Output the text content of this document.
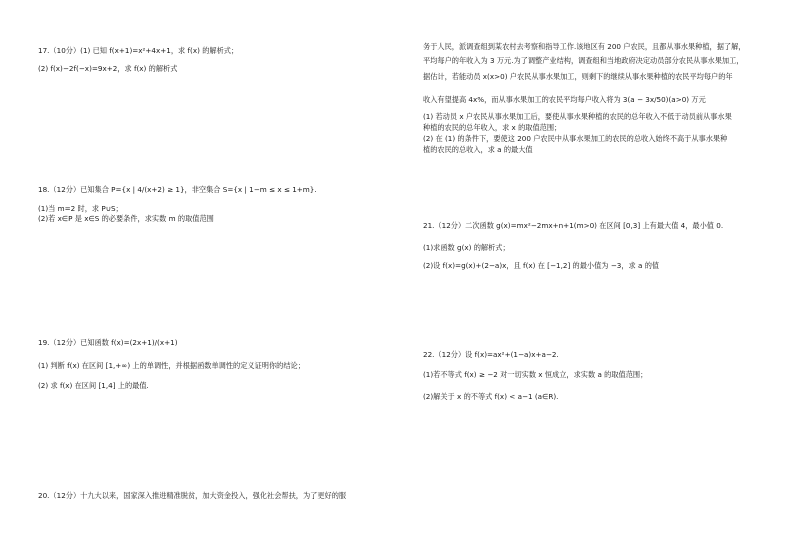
17.（10分）(1) 已知 f(x+1)=x²+4x+1，求 f(x) 的解析式；
(2) f(x)−2f(−x)=9x+2，求 f(x) 的解析式
18.（12分）已知集合 P={x | 4/(x+2) ≥ 1}，非空集合 S={x | 1−m ≤ x ≤ 1+m}.
(1)当 m=2 时，求 P∪S；
(2)若 x∈P 是 x∈S 的必要条件，求实数 m 的取值范围
19.（12分）已知函数 f(x)=(2x+1)/(x+1)
(1) 判断 f(x) 在区间 [1,+∞) 上的单调性，并根据函数单调性的定义证明你的结论；
(2) 求 f(x) 在区间 [1,4] 上的最值.
20.（12分）十九大以来，国家深入推进精准脱贫，加大资金投入，强化社会帮扶，为了更好的服
务于人民，派调查组到某农村去考察和指导工作.该地区有 200 户农民，且都从事水果种植，据了解，
平均每户的年收入为 3 万元.为了调整产业结构，调查组和当地政府决定动员部分农民从事水果加工，
据估计，若能动员 x(x>0) 户农民从事水果加工，则剩下的继续从事水果种植的农民平均每户的年
收入有望提高 4x%，而从事水果加工的农民平均每户收入将为 3(a − 3x/50)(a>0) 万元
(1) 若动员 x 户农民从事水果加工后，要使从事水果种植的农民的总年收入不低于动员前从事水果
种植的农民的总年收入，求 x 的取值范围；
(2) 在 (1) 的条件下，要使这 200 户农民中从事水果加工的农民的总收入始终不高于从事水果种
植的农民的总收入，求 a 的最大值
21.（12分）二次函数 g(x)=mx²−2mx+n+1(m>0) 在区间 [0,3] 上有最大值 4，最小值 0.
(1)求函数 g(x) 的解析式；
(2)设 f(x)=g(x)+(2−a)x，且 f(x) 在 [−1,2] 的最小值为 −3，求 a 的值
22.（12分）设 f(x)=ax²+(1−a)x+a−2.
(1)若不等式 f(x) ≥ −2 对一切实数 x 恒成立，求实数 a 的取值范围；
(2)解关于 x 的不等式 f(x) < a−1 (a∈R).
